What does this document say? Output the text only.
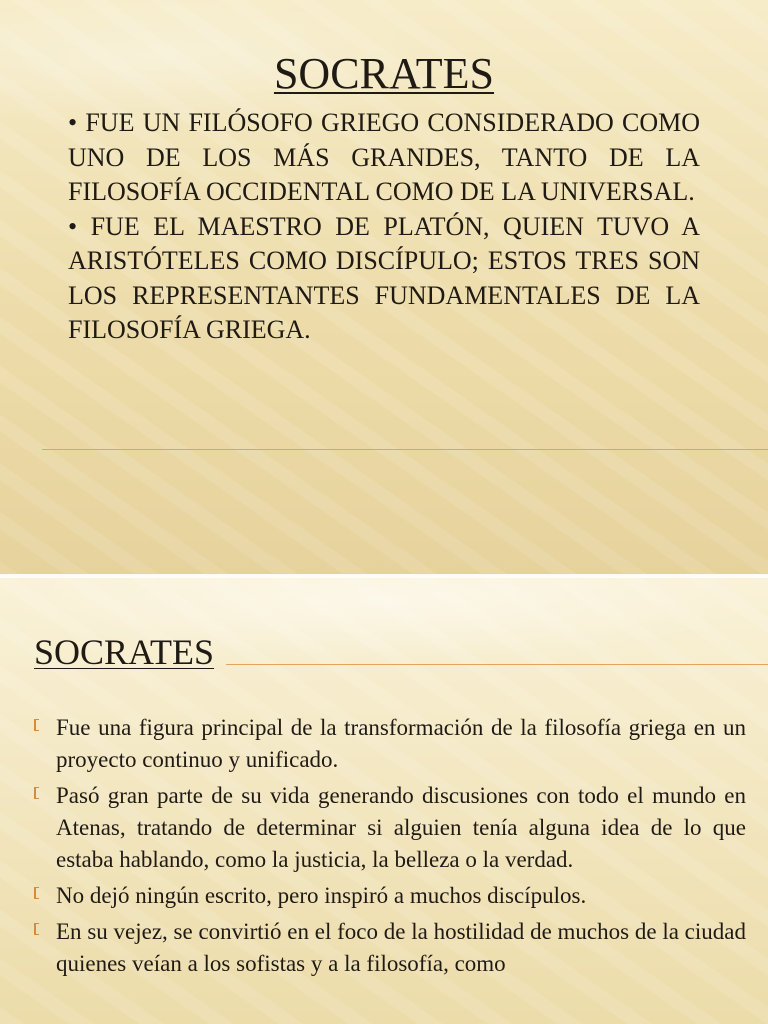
SOCRATES

• FUE UN FILÓSOFO GRIEGO CONSIDERADO COMO UNO DE LOS MÁS GRANDES, TANTO DE LA FILOSOFÍA OCCIDENTAL COMO DE LA UNIVERSAL.

• FUE EL MAESTRO DE PLATÓN, QUIEN TUVO A ARISTÓTELES COMO DISCÍPULO; ESTOS TRES SON LOS REPRESENTANTES FUNDAMENTALES DE LA FILOSOFÍA GRIEGA.

SOCRATES
Fue una figura principal de la transformación de la filosofía griega en un proyecto continuo y unificado.
Pasó gran parte de su vida generando discusiones con todo el mundo en Atenas, tratando de determinar si alguien tenía alguna idea de lo que estaba hablando, como la justicia, la belleza o la verdad.
No dejó ningún escrito, pero inspiró a muchos discípulos.
En su vejez, se convirtió en el foco de la hostilidad de muchos de la ciudad quienes veían a los sofistas y a la filosofía, como
